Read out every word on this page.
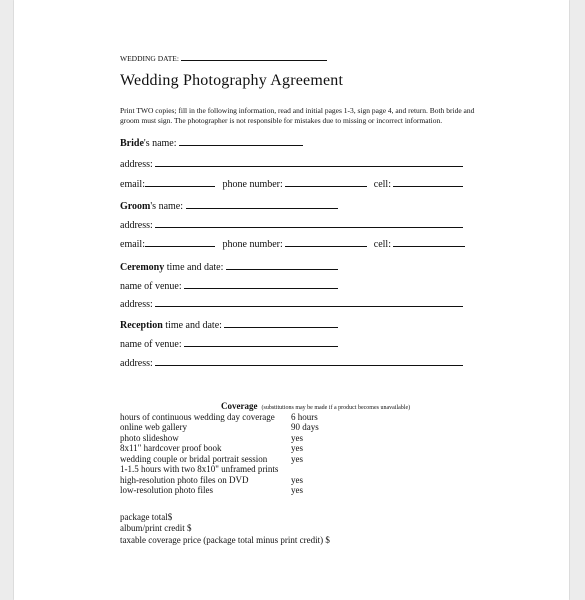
WEDDING DATE:
Wedding Photography Agreement
Print TWO copies; fill in the following information, read and initial pages 1-3, sign page 4, and return. Both bride and
groom must sign. The photographer is not responsible for mistakes due to missing or incorrect information.
Bride's name:
address:
email:	phone number:	cell:
Groom's name:
address:
email:	phone number:	cell:
Ceremony time and date:
name of venue:
address:
Reception time and date:
name of venue:
address:
Coverage (substitutions may be made if a product becomes unavailable)
hours of continuous wedding day coverage 6 hours
online web gallery	90 days
photo slideshow	yes
8x11" hardcover proof book	yes
wedding couple or bridal portrait session	yes
1-1.5 hours with two 8x10" unframed prints
high-resolution photo files on DVD	yes
low-resolution photo files	yes
package total$
album/print credit $
taxable coverage price (package total minus print credit) $
